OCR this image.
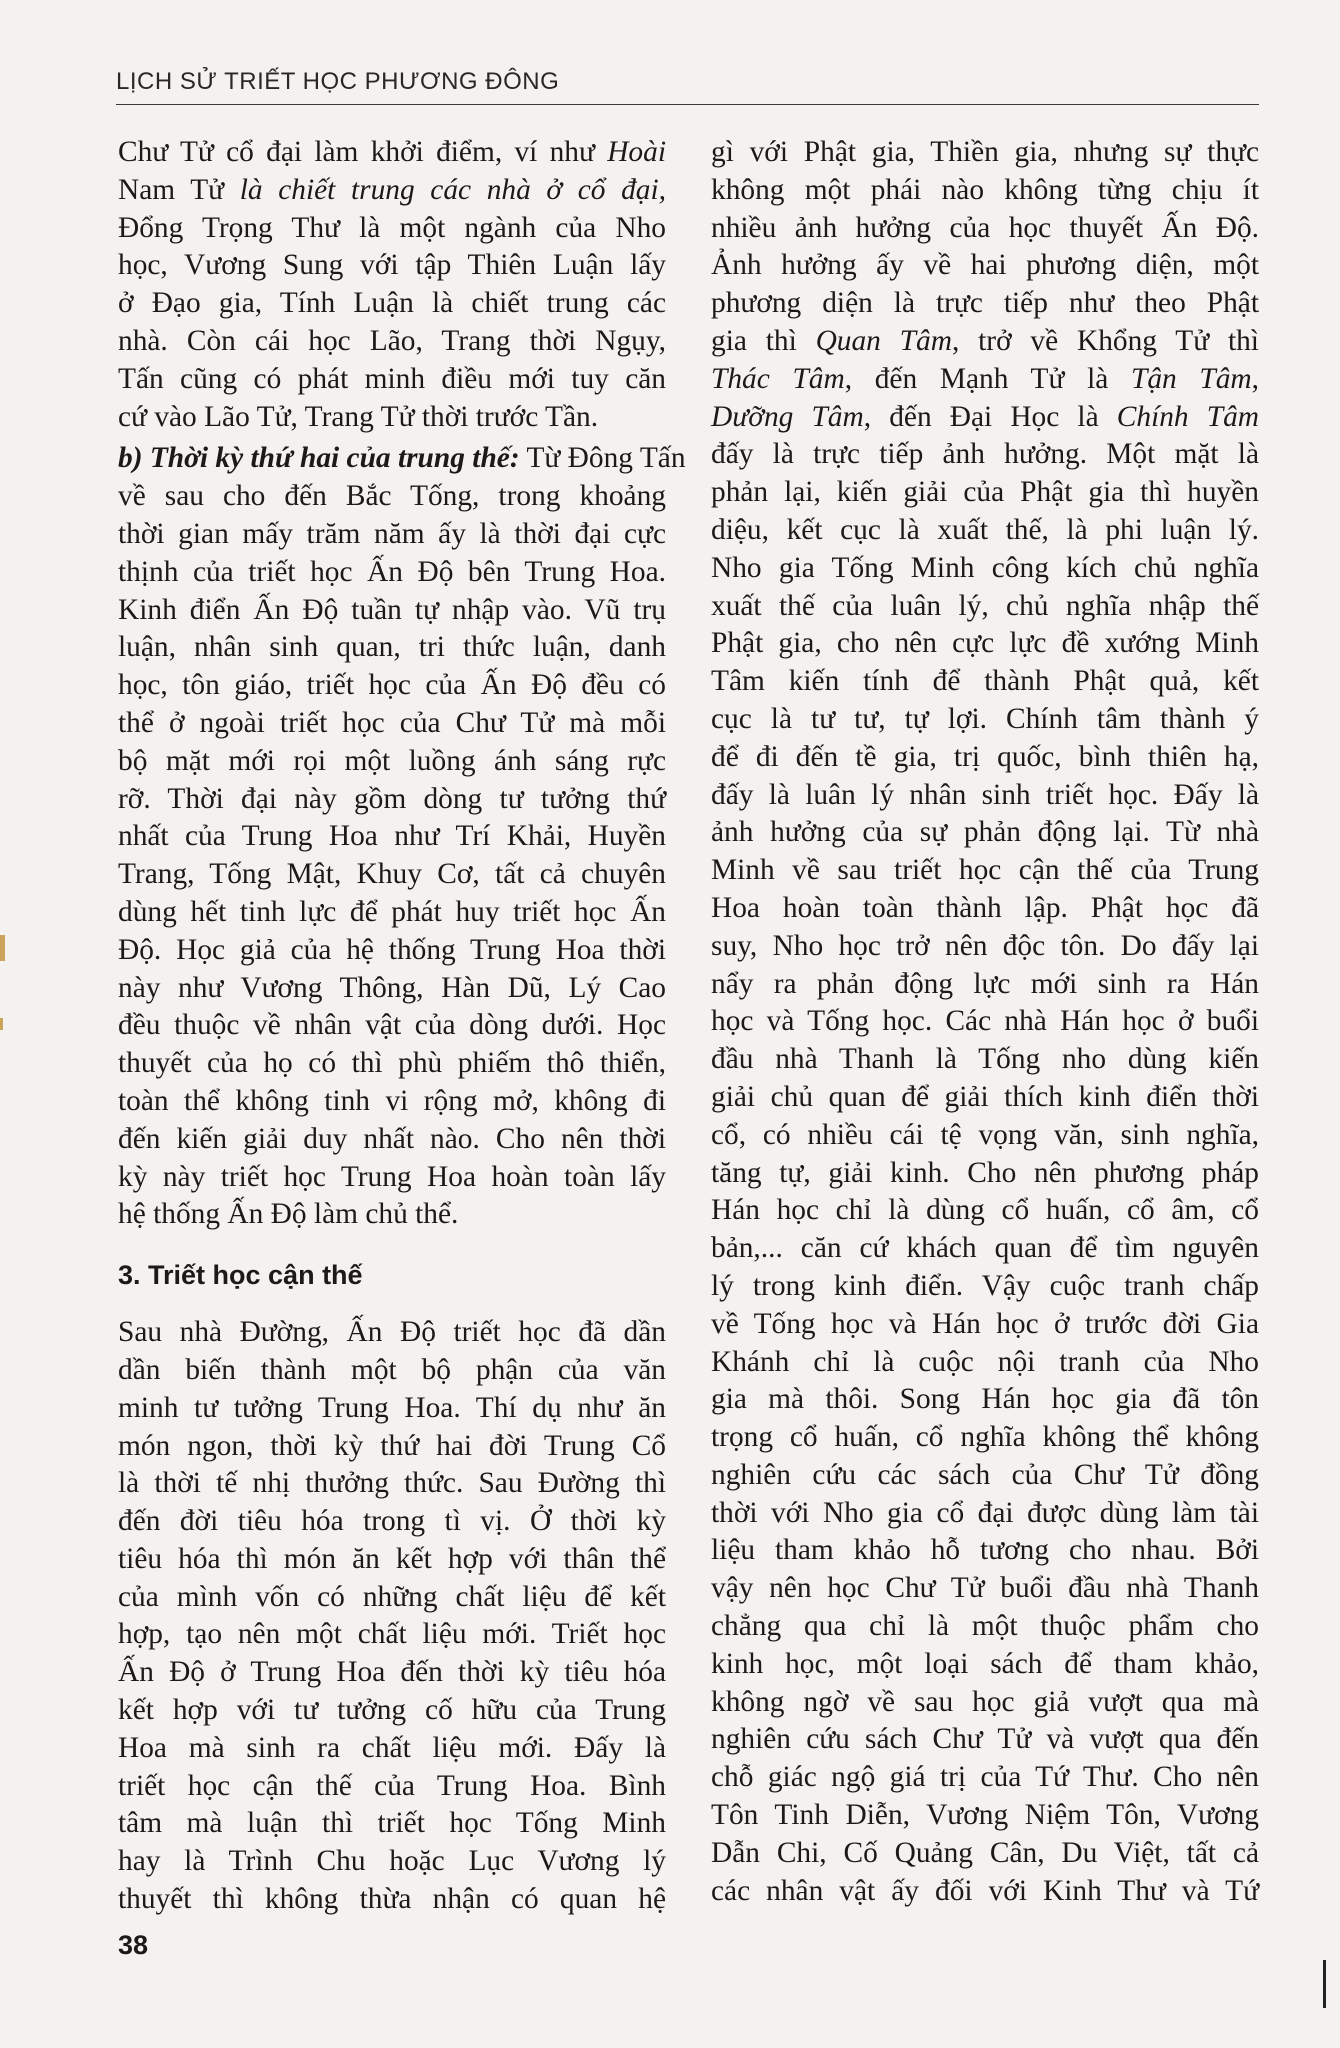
LỊCH SỬ TRIẾT HỌC PHƯƠNG ĐÔNG

Chư Tử cổ đại làm khởi điểm, ví như Hoài
Nam Tử là chiết trung các nhà ở cổ đại,
Đổng Trọng Thư là một ngành của Nho
học, Vương Sung với tập Thiên Luận lấy
ở Đạo gia, Tính Luận là chiết trung các
nhà. Còn cái học Lão, Trang thời Ngụy,
Tấn cũng có phát minh điều mới tuy căn
cứ vào Lão Tử, Trang Tử thời trước Tần.

b) Thời kỳ thứ hai của trung thế: Từ Đông Tấn
về sau cho đến Bắc Tống, trong khoảng
thời gian mấy trăm năm ấy là thời đại cực
thịnh của triết học Ấn Độ bên Trung Hoa.
Kinh điển Ấn Độ tuần tự nhập vào. Vũ trụ
luận, nhân sinh quan, tri thức luận, danh
học, tôn giáo, triết học của Ấn Độ đều có
thể ở ngoài triết học của Chư Tử mà mỗi
bộ mặt mới rọi một luồng ánh sáng rực
rỡ. Thời đại này gồm dòng tư tưởng thứ
nhất của Trung Hoa như Trí Khải, Huyền
Trang, Tống Mật, Khuy Cơ, tất cả chuyên
dùng hết tinh lực để phát huy triết học Ấn
Độ. Học giả của hệ thống Trung Hoa thời
này như Vương Thông, Hàn Dũ, Lý Cao
đều thuộc về nhân vật của dòng dưới. Học
thuyết của họ có thì phù phiếm thô thiển,
toàn thể không tinh vi rộng mở, không đi
đến kiến giải duy nhất nào. Cho nên thời
kỳ này triết học Trung Hoa hoàn toàn lấy
hệ thống Ấn Độ làm chủ thể.

3. Triết học cận thế

Sau nhà Đường, Ấn Độ triết học đã dần
dần biến thành một bộ phận của văn
minh tư tưởng Trung Hoa. Thí dụ như ăn
món ngon, thời kỳ thứ hai đời Trung Cổ
là thời tế nhị thưởng thức. Sau Đường thì
đến đời tiêu hóa trong tì vị. Ở thời kỳ
tiêu hóa thì món ăn kết hợp với thân thể
của mình vốn có những chất liệu để kết
hợp, tạo nên một chất liệu mới. Triết học
Ấn Độ ở Trung Hoa đến thời kỳ tiêu hóa
kết hợp với tư tưởng cố hữu của Trung
Hoa mà sinh ra chất liệu mới. Đấy là
triết học cận thế của Trung Hoa. Bình
tâm mà luận thì triết học Tống Minh
hay là Trình Chu hoặc Lục Vương lý
thuyết thì không thừa nhận có quan hệ

gì với Phật gia, Thiền gia, nhưng sự thực
không một phái nào không từng chịu ít
nhiều ảnh hưởng của học thuyết Ấn Độ.
Ảnh hưởng ấy về hai phương diện, một
phương diện là trực tiếp như theo Phật
gia thì Quan Tâm, trở về Khổng Tử thì
Thác Tâm, đến Mạnh Tử là Tận Tâm,
Dưỡng Tâm, đến Đại Học là Chính Tâm
đấy là trực tiếp ảnh hưởng. Một mặt là
phản lại, kiến giải của Phật gia thì huyền
diệu, kết cục là xuất thế, là phi luận lý.
Nho gia Tống Minh công kích chủ nghĩa
xuất thế của luân lý, chủ nghĩa nhập thế
Phật gia, cho nên cực lực đề xướng Minh
Tâm kiến tính để thành Phật quả, kết
cục là tư tư, tự lợi. Chính tâm thành ý
để đi đến tề gia, trị quốc, bình thiên hạ,
đấy là luân lý nhân sinh triết học. Đấy là
ảnh hưởng của sự phản động lại. Từ nhà
Minh về sau triết học cận thế của Trung
Hoa hoàn toàn thành lập. Phật học đã
suy, Nho học trở nên độc tôn. Do đấy lại
nẩy ra phản động lực mới sinh ra Hán
học và Tống học. Các nhà Hán học ở buổi
đầu nhà Thanh là Tống nho dùng kiến
giải chủ quan để giải thích kinh điển thời
cổ, có nhiều cái tệ vọng văn, sinh nghĩa,
tăng tự, giải kinh. Cho nên phương pháp
Hán học chỉ là dùng cổ huấn, cổ âm, cổ
bản,... căn cứ khách quan để tìm nguyên
lý trong kinh điển. Vậy cuộc tranh chấp
về Tống học và Hán học ở trước đời Gia
Khánh chỉ là cuộc nội tranh của Nho
gia mà thôi. Song Hán học gia đã tôn
trọng cổ huấn, cổ nghĩa không thể không
nghiên cứu các sách của Chư Tử đồng
thời với Nho gia cổ đại được dùng làm tài
liệu tham khảo hỗ tương cho nhau. Bởi
vậy nên học Chư Tử buổi đầu nhà Thanh
chẳng qua chỉ là một thuộc phẩm cho
kinh học, một loại sách để tham khảo,
không ngờ về sau học giả vượt qua mà
nghiên cứu sách Chư Tử và vượt qua đến
chỗ giác ngộ giá trị của Tứ Thư. Cho nên
Tôn Tinh Diễn, Vương Niệm Tôn, Vương
Dẫn Chi, Cố Quảng Cân, Du Việt, tất cả
các nhân vật ấy đối với Kinh Thư và Tứ

38
